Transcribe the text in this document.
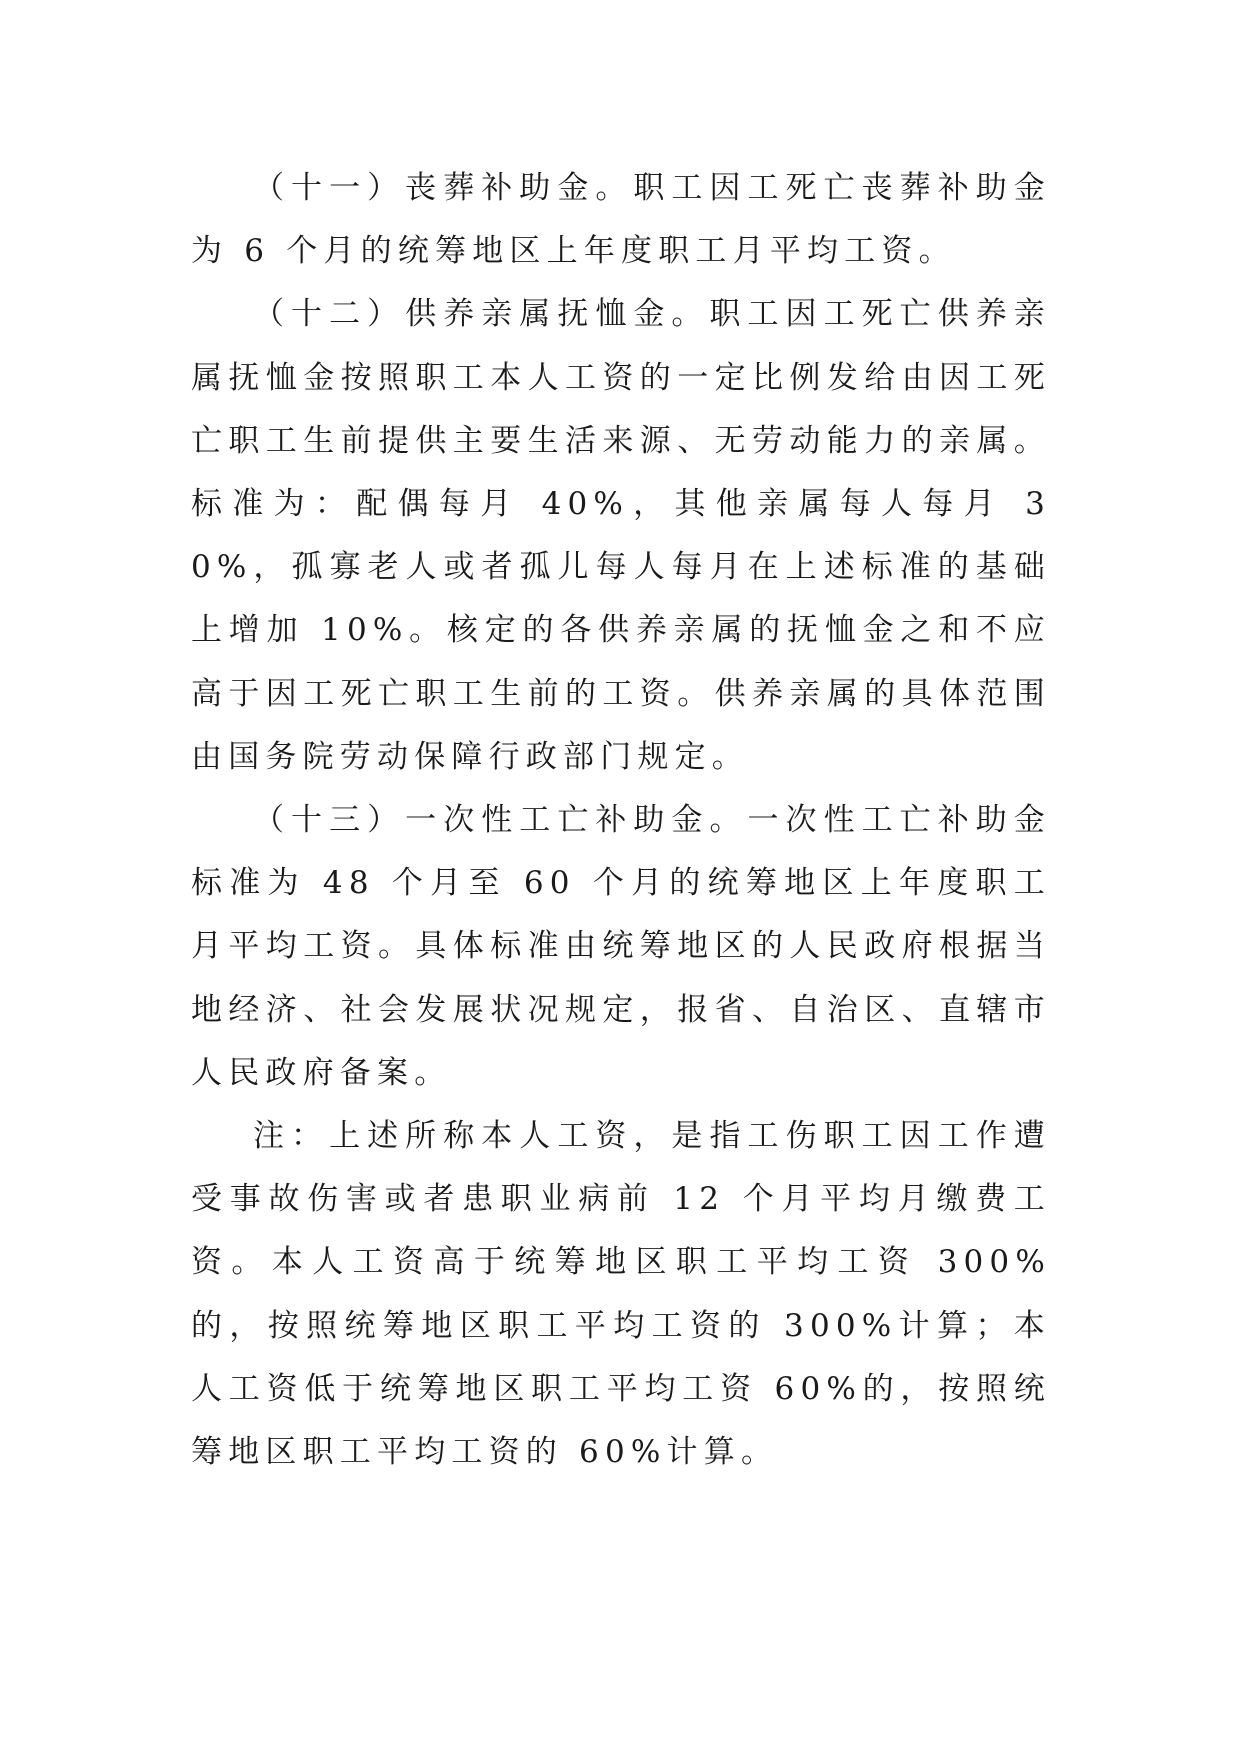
（十一）丧葬补助金。职工因工死亡丧葬补助金为 6 个月的统筹地区上年度职工月平均工资。

（十二）供养亲属抚恤金。职工因工死亡供养亲属抚恤金按照职工本人工资的一定比例发给由因工死亡职工生前提供主要生活来源、无劳动能力的亲属。标准为：配偶每月 40%，其他亲属每人每月 30%，孤寡老人或者孤儿每人每月在上述标准的基础上增加 10%。核定的各供养亲属的抚恤金之和不应高于因工死亡职工生前的工资。供养亲属的具体范围由国务院劳动保障行政部门规定。

（十三）一次性工亡补助金。一次性工亡补助金标准为 48 个月至 60 个月的统筹地区上年度职工月平均工资。具体标准由统筹地区的人民政府根据当地经济、社会发展状况规定，报省、自治区、直辖市人民政府备案。

注：上述所称本人工资，是指工伤职工因工作遭受事故伤害或者患职业病前 12 个月平均月缴费工资。本人工资高于统筹地区职工平均工资 300%的，按照统筹地区职工平均工资的 300%计算；本人工资低于统筹地区职工平均工资 60%的，按照统筹地区职工平均工资的 60%计算。
